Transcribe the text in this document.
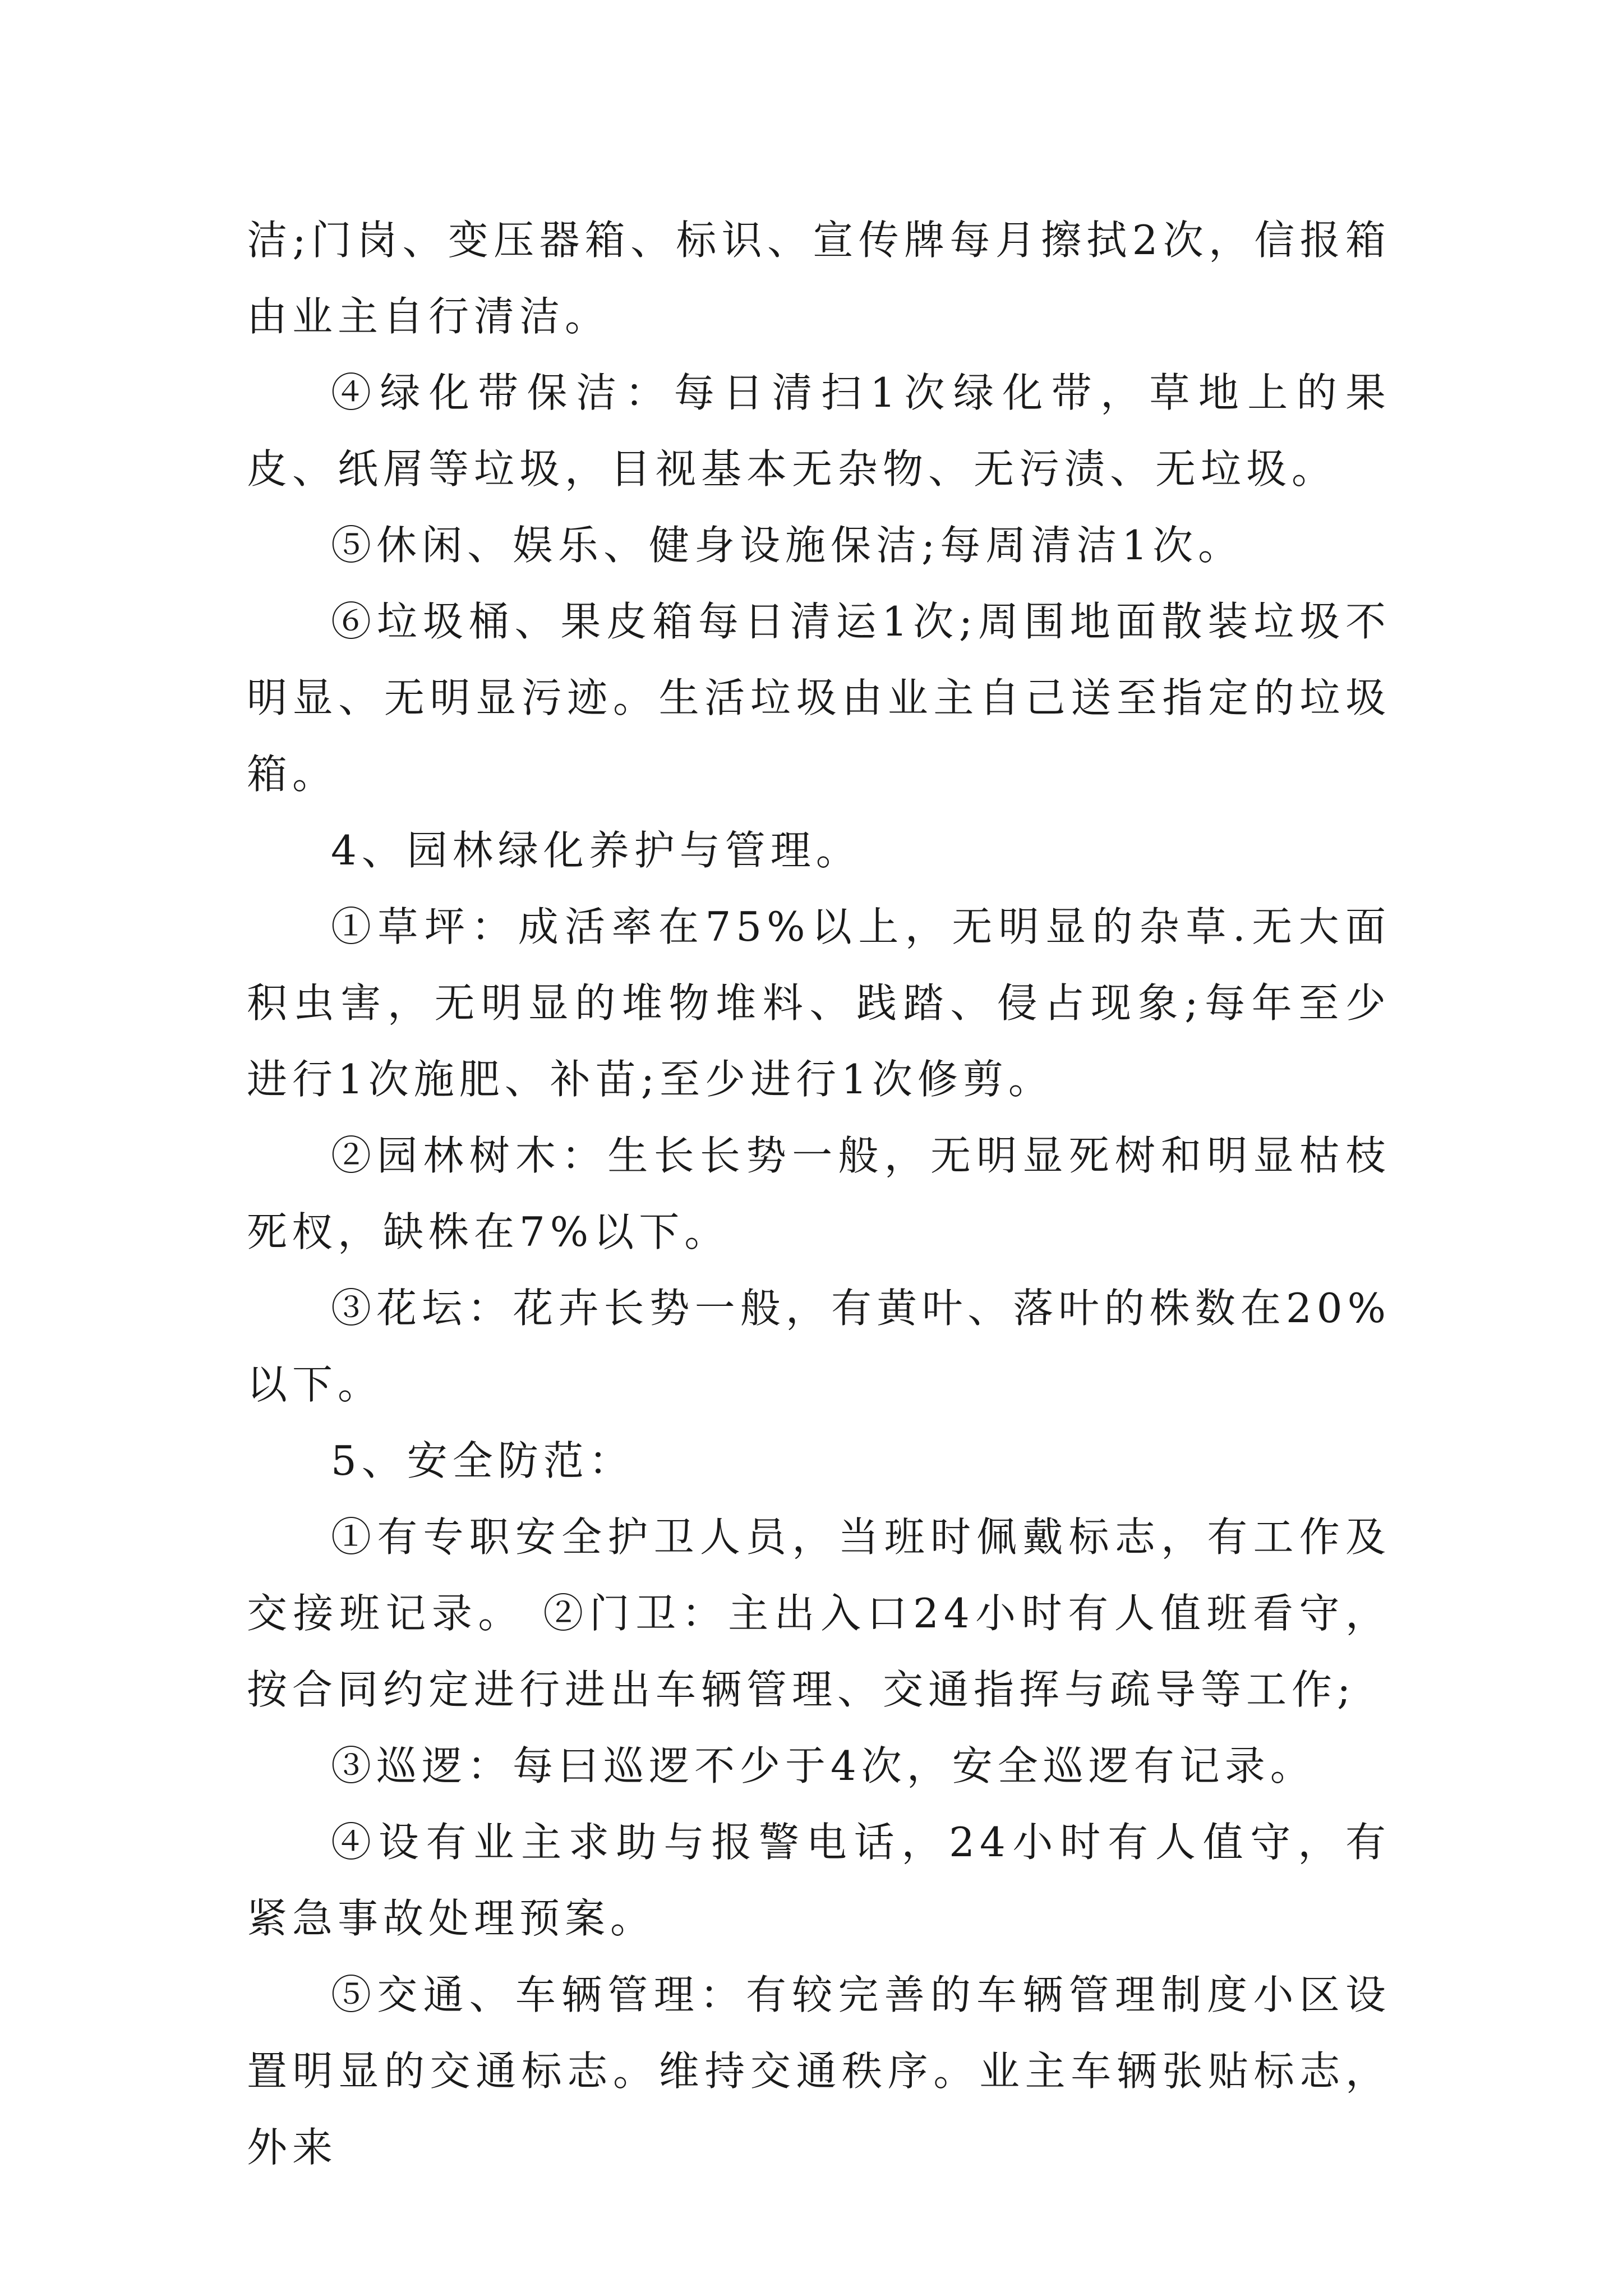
洁;门岗、变压器箱、标识、宣传牌每月擦拭2次，信报箱由业主自行清洁。

④绿化带保洁：每日清扫1次绿化带，草地上的果皮、纸屑等垃圾，目视基本无杂物、无污渍、无垃圾。

⑤休闲、娱乐、健身设施保洁;每周清洁1次。

⑥垃圾桶、果皮箱每日清运1次;周围地面散装垃圾不明显、无明显污迹。生活垃圾由业主自己送至指定的垃圾箱。

4、园林绿化养护与管理。

①草坪：成活率在75%以上，无明显的杂草.无大面积虫害，无明显的堆物堆料、践踏、侵占现象;每年至少进行1次施肥、补苗;至少进行1次修剪。

②园林树木：生长长势一般，无明显死树和明显枯枝死杈，缺株在7%以下。

③花坛：花卉长势一般，有黄叶、落叶的株数在20%以下。

5、安全防范：

①有专职安全护卫人员，当班时佩戴标志，有工作及交接班记录。 ②门卫：主出入口24小时有人值班看守，按合同约定进行进出车辆管理、交通指挥与疏导等工作;

③巡逻：每曰巡逻不少于4次，安全巡逻有记录。

④设有业主求助与报警电话，24小时有人值守，有紧急事故处理预案。

⑤交通、车辆管理：有较完善的车辆管理制度小区设置明显的交通标志。维持交通秩序。业主车辆张贴标志，外来
